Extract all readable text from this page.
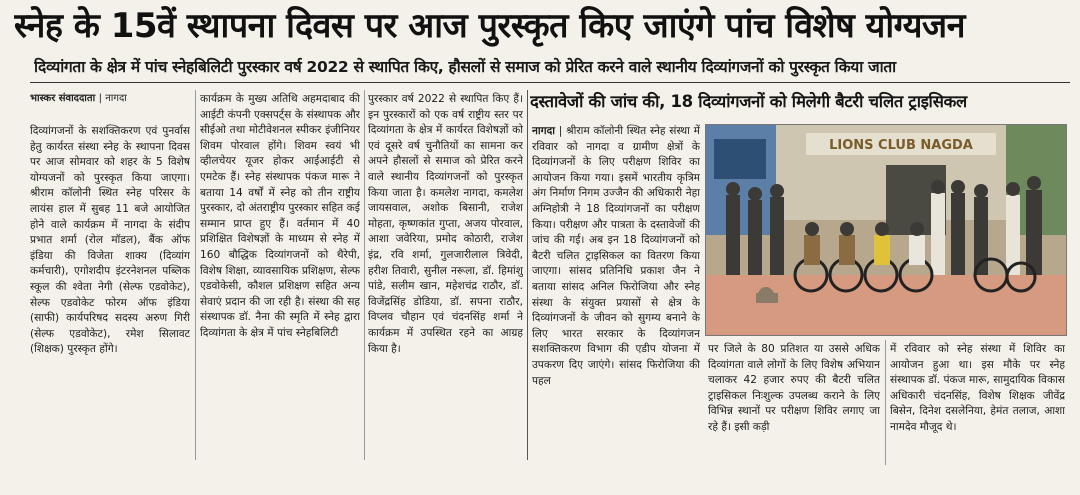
स्नेह के 15वें स्थापना दिवस पर आज पुरस्कृत किए जाएंगे पांच विशेष योग्यजन
दिव्यांगता के क्षेत्र में पांच स्नेहबिलिटी पुरस्कार वर्ष 2022 से स्थापित किए, हौसलों से समाज को प्रेरित करने वाले स्थानीय दिव्यांगजनों को पुरस्कृत किया जाता
भास्कर संवाददाता | नागदा

दिव्यांगजनों के सशक्तिकरण एवं पुनर्वास हेतु कार्यरत संस्था स्नेह के स्थापना दिवस पर आज सोमवार को शहर के 5 विशेष योग्यजनों को पुरस्कृत किया जाएगा। श्रीराम कॉलोनी स्थित स्नेह परिसर के लायंस हाल में सुबह 11 बजे आयोजित होने वाले कार्यक्रम में नागदा के संदीप प्रभात शर्मा (रोल मॉडल), बैंक ऑफ इंडिया की विजेता शाक्य (दिव्यांग कर्मचारी), एगोशदीप इंटरनेशनल पब्लिक स्कूल की श्वेता नेगी (सेल्फ एडवोकेट), सेल्फ एडवोकेट फोरम ऑफ इंडिया (साफी) कार्यपरिषद सदस्य अरुण गिरी (सेल्फ एडवोकेट), रमेश सिलावट (शिक्षक) पुरस्कृत होंगे।

कार्यक्रम के मुख्य अतिथि अहमदाबाद की आईटी कंपनी एक्सपर्ट्स के संस्थापक और सीईओ तथा मोटीवेशनल स्पीकर इंजीनियर शिवम पोरवाल होंगे। शिवम स्वयं भी व्हीलचेयर यूजर होकर आईआईटी से एमटेक हैं। स्नेह संस्थापक पंकज मारू ने बताया 14 वर्षों में स्नेह को तीन राष्ट्रीय पुरस्कार, दो अंतराष्ट्रीय पुरस्कार सहित कई सम्मान प्राप्त हुए हैं। वर्तमान में 40 प्रशिक्षित विशेषज्ञों के माध्यम से स्नेह में 160 बौद्धिक दिव्यांगजनों को थैरेपी, विशेष शिक्षा, व्यावसायिक प्रशिक्षण, सेल्फ एडवोकेसी, कौशल प्रशिक्षण सहित अन्य सेवाएं प्रदान की जा रही है। संस्था की सह संस्थापक डॉ. नैना की स्मृति में स्नेह द्वारा दिव्यांगता के क्षेत्र में पांच स्नेहबिलिटी

पुरस्कार वर्ष 2022 से स्थापित किए हैं। इन पुरस्कारों को एक वर्ष राष्ट्रीय स्तर पर दिव्यांगता के क्षेत्र में कार्यरत विशेषज्ञों को एवं दूसरे वर्ष चुनौतियों का सामना कर अपने हौसलों से समाज को प्रेरित करने वाले स्थानीय दिव्यांगजनों को पुरस्कृत किया जाता है। कमलेश नागदा, कमलेश जायसवाल, अशोक बिसानी, राजेश मोहता, कृष्णकांत गुप्ता, अजय पोरवाल, आशा जवेरिया, प्रमोद कोठारी, राजेश इंद्र, रवि शर्मा, गुलजारीलाल त्रिवेदी, हरीश तिवारी, सुनील नरूला, डॉ. हिमांशु पांडे, सलीम खान, महेशचंद्र राठौर, डॉ. विजेंद्रसिंह डोडिया, डॉ. सपना राठौर, विप्लव चौहान एवं चंदनसिंह शर्मा ने कार्यक्रम में उपस्थित रहने का आग्रह किया है।

दस्तावेजों की जांच की, 18 दिव्यांगजनों को मिलेगी बैटरी चलित ट्राइसिकल

नागदा | श्रीराम कॉलोनी स्थित स्नेह संस्था में रविवार को नागदा व ग्रामीण क्षेत्रों के दिव्यांगजनों के लिए परीक्षण शिविर का आयोजन किया गया। इसमें भारतीय कृत्रिम अंग निर्माण निगम उज्जैन की अधिकारी नेहा अग्निहोत्री ने 18 दिव्यांगजनों का परीक्षण किया। परीक्षण और पात्रता के दस्तावेजों की जांच की गई। अब इन 18 दिव्यांगजनों को बैटरी चलित ट्राइसिकल का वितरण किया जाएगा। सांसद प्रतिनिधि प्रकाश जैन ने बताया सांसद अनिल फिरोजिया और स्नेह संस्था के संयुक्त प्रयासों से क्षेत्र के दिव्यांगजनों के जीवन को सुगम्य बनाने के लिए भारत सरकार के दिव्यांगजन सशक्तिकरण विभाग की एडीप योजना में उपकरण दिए जाएंगे। सांसद फिरोजिया की पहल

LIONS CLUB NAGDA

पर जिले के 80 प्रतिशत या उससे अधिक दिव्यांगता वाले लोगों के लिए विशेष अभियान चलाकर 42 हजार रुपए की बैटरी चलित ट्राइसिकल निःशुल्क उपलब्ध कराने के लिए विभिन्न स्थानों पर परीक्षण शिविर लगाए जा रहे हैं। इसी कड़ी

में रविवार को स्नेह संस्था में शिविर का आयोजन हुआ था। इस मौके पर स्नेह संस्थापक डॉ. पंकज मारू, सामुदायिक विकास अधिकारी चंदनसिंह, विशेष शिक्षक जीवेंद्र बिसेन, दिनेश दसलेनिया, हेमंत तलाज, आशा नामदेव मौजूद थे।
